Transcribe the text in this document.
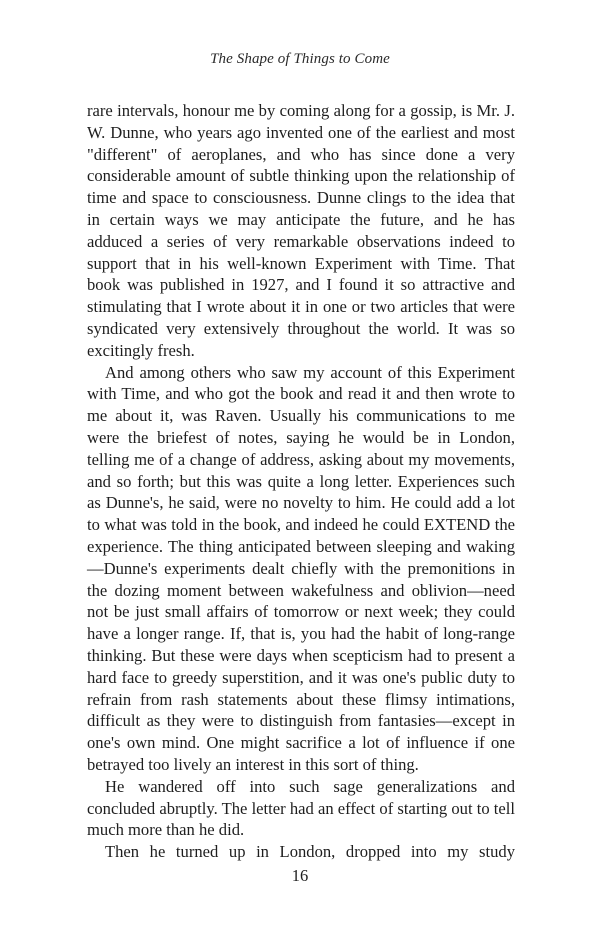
The Shape of Things to Come

rare intervals, honour me by coming along for a gossip, is Mr. J. W. Dunne, who years ago invented one of the earliest and most "different" of aeroplanes, and who has since done a very considerable amount of subtle thinking upon the relationship of time and space to consciousness. Dunne clings to the idea that in certain ways we may anticipate the future, and he has adduced a series of very remarkable observations indeed to support that in his well-known Experiment with Time. That book was published in 1927, and I found it so attractive and stimulating that I wrote about it in one or two articles that were syndicated very extensively throughout the world. It was so excitingly fresh.

And among others who saw my account of this Experiment with Time, and who got the book and read it and then wrote to me about it, was Raven. Usually his communications to me were the briefest of notes, saying he would be in London, telling me of a change of address, asking about my movements, and so forth; but this was quite a long letter. Experiences such as Dunne's, he said, were no novelty to him. He could add a lot to what was told in the book, and indeed he could EXTEND the experience. The thing anticipated between sleeping and waking —Dunne's experiments dealt chiefly with the premonitions in the dozing moment between wakefulness and oblivion—need not be just small affairs of tomorrow or next week; they could have a longer range. If, that is, you had the habit of long-range thinking. But these were days when scepticism had to present a hard face to greedy superstition, and it was one's public duty to refrain from rash statements about these flimsy intimations, difficult as they were to distinguish from fantasies—except in one's own mind. One might sacrifice a lot of influence if one betrayed too lively an interest in this sort of thing.

He wandered off into such sage generalizations and concluded abruptly. The letter had an effect of starting out to tell much more than he did.

Then he turned up in London, dropped into my study

16
